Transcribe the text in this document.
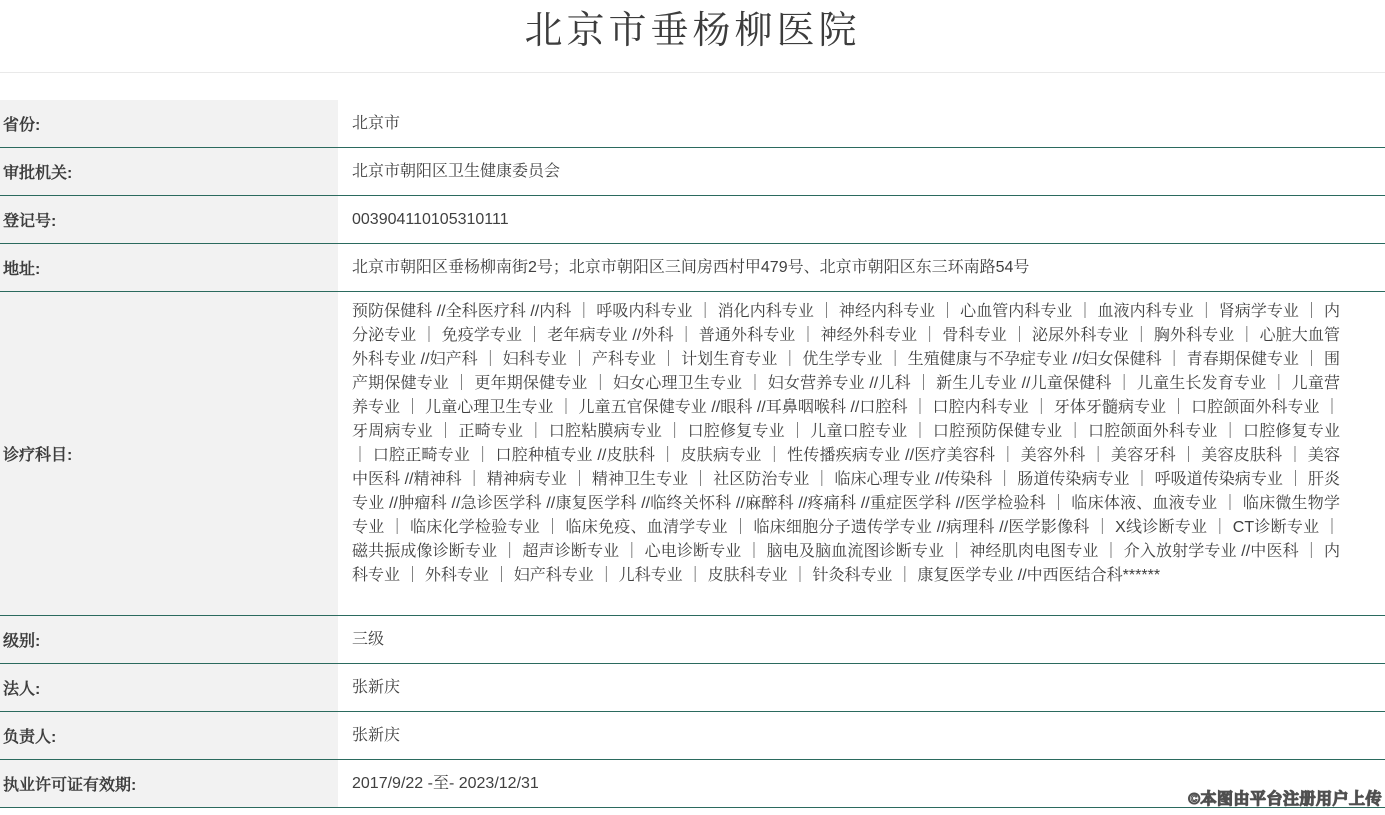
北京市垂杨柳医院
省份:	北京市
审批机关:	北京市朝阳区卫生健康委员会
登记号:	003904110105310111
地址:	北京市朝阳区垂杨柳南街2号；北京市朝阳区三间房西村甲479号、北京市朝阳区东三环南路54号
诊疗科目:
预防保健科 //全科医疗科 //内科 ｜ 呼吸内科专业 ｜ 消化内科专业 ｜ 神经内科专业 ｜ 心血管内科专业 ｜ 血液内科专业 ｜ 肾病学专业 ｜ 内分泌专业 ｜ 免疫学专业 ｜ 老年病专业 //外科 ｜ 普通外科专业 ｜ 神经外科专业 ｜ 骨科专业 ｜ 泌尿外科专业 ｜ 胸外科专业 ｜ 心脏大血管外科专业 //妇产科 ｜ 妇科专业 ｜ 产科专业 ｜ 计划生育专业 ｜ 优生学专业 ｜ 生殖健康与不孕症专业 //妇女保健科 ｜ 青春期保健专业 ｜ 围产期保健专业 ｜ 更年期保健专业 ｜ 妇女心理卫生专业 ｜ 妇女营养专业 //儿科 ｜ 新生儿专业 //儿童保健科 ｜ 儿童生长发育专业 ｜ 儿童营养专业 ｜ 儿童心理卫生专业 ｜ 儿童五官保健专业 //眼科 //耳鼻咽喉科 //口腔科 ｜ 口腔内科专业 ｜ 牙体牙髓病专业 ｜ 口腔颌面外科专业 ｜ 牙周病专业 ｜ 正畸专业 ｜ 口腔粘膜病专业 ｜ 口腔修复专业 ｜ 儿童口腔专业 ｜ 口腔预防保健专业 ｜ 口腔颌面外科专业 ｜ 口腔修复专业 ｜ 口腔正畸专业 ｜ 口腔种植专业 //皮肤科 ｜ 皮肤病专业 ｜ 性传播疾病专业 //医疗美容科 ｜ 美容外科 ｜ 美容牙科 ｜ 美容皮肤科 ｜ 美容中医科 //精神科 ｜ 精神病专业 ｜ 精神卫生专业 ｜ 社区防治专业 ｜ 临床心理专业 //传染科 ｜ 肠道传染病专业 ｜ 呼吸道传染病专业 ｜ 肝炎专业 //肿瘤科 //急诊医学科 //康复医学科 //临终关怀科 //麻醉科 //疼痛科 //重症医学科 //医学检验科 ｜ 临床体液、血液专业 ｜ 临床微生物学专业 ｜ 临床化学检验专业 ｜ 临床免疫、血清学专业 ｜ 临床细胞分子遗传学专业 //病理科 //医学影像科 ｜ X线诊断专业 ｜ CT诊断专业 ｜ 磁共振成像诊断专业 ｜ 超声诊断专业 ｜ 心电诊断专业 ｜ 脑电及脑血流图诊断专业 ｜ 神经肌肉电图专业 ｜ 介入放射学专业 //中医科 ｜ 内科专业 ｜ 外科专业 ｜ 妇产科专业 ｜ 儿科专业 ｜ 皮肤科专业 ｜ 针灸科专业 ｜ 康复医学专业 //中西医结合科******
级别:	三级
法人:	张新庆
负责人:	张新庆
执业许可证有效期:	2017/9/22 -至- 2023/12/31
©本图由平台注册用户上传
